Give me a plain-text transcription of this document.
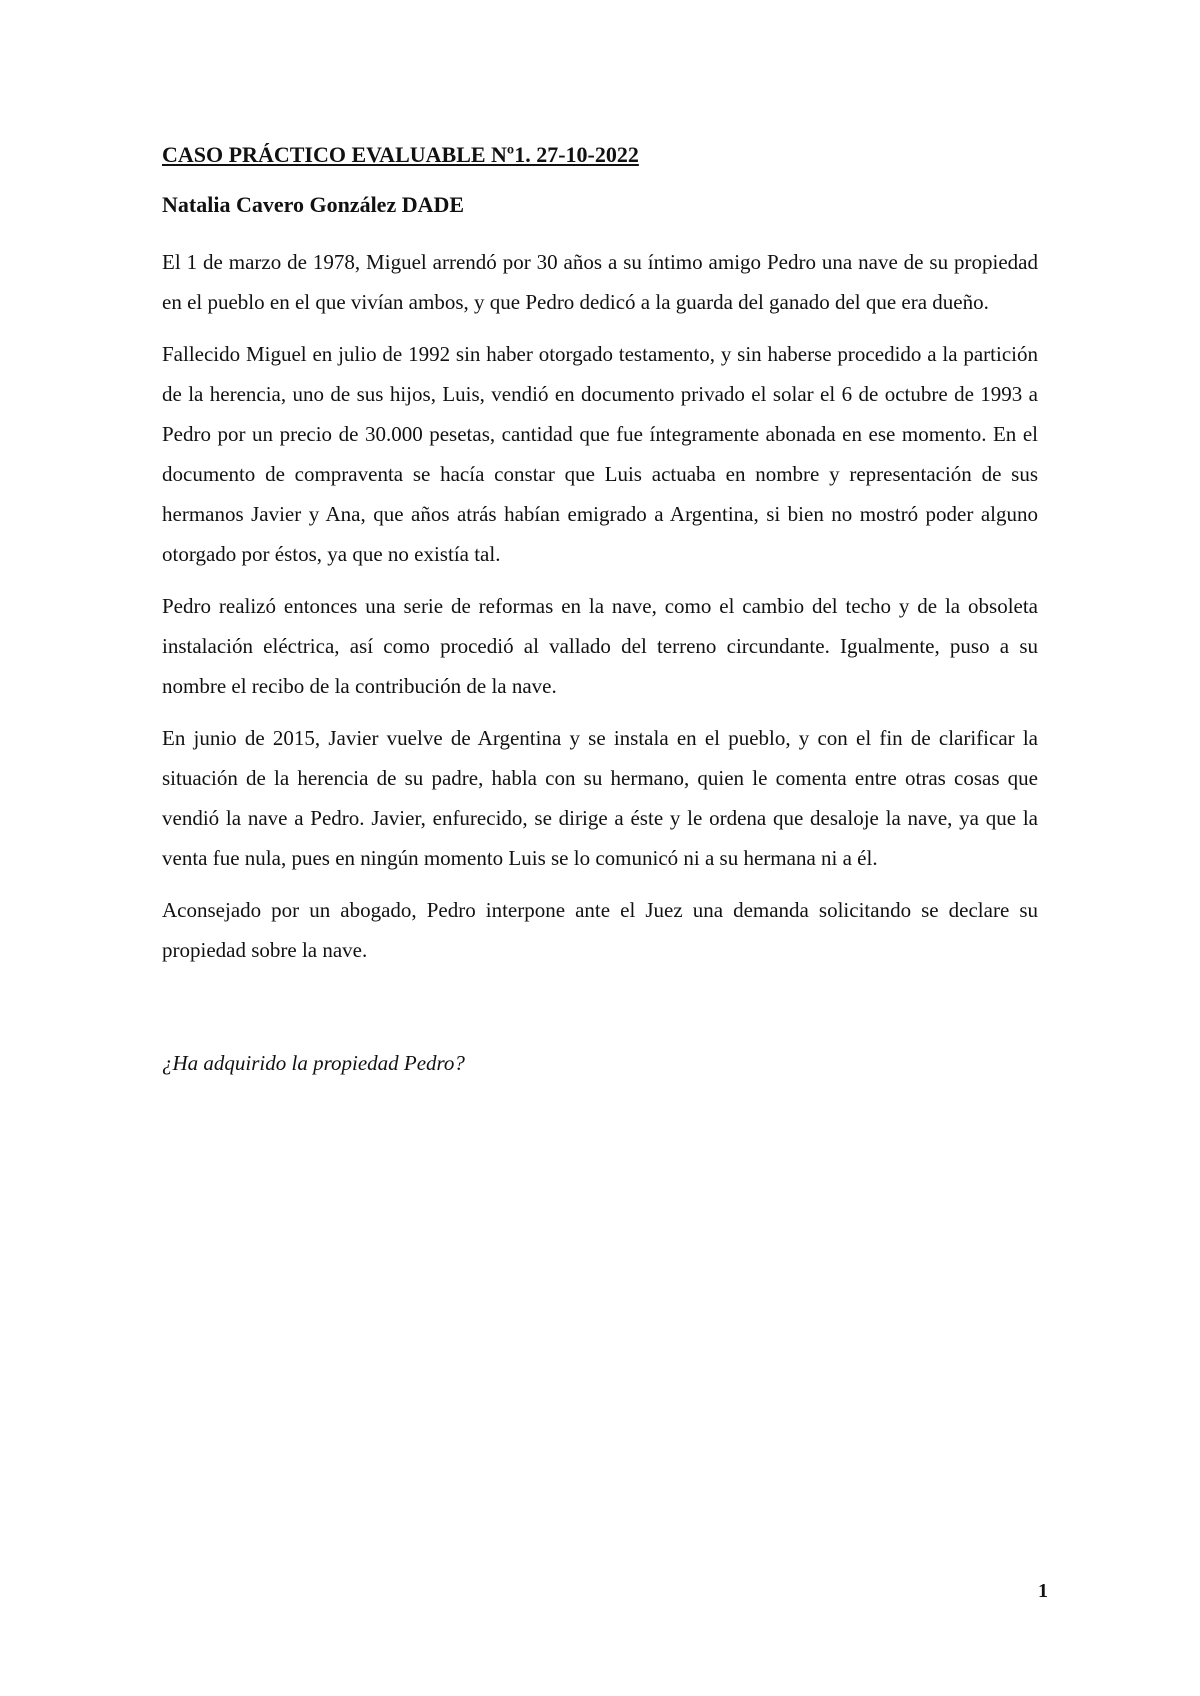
CASO PRÁCTICO EVALUABLE Nº1. 27-10-2022
Natalia Cavero González DADE

El 1 de marzo de 1978, Miguel arrendó por 30 años a su íntimo amigo Pedro una nave de su propiedad en el pueblo en el que vivían ambos, y que Pedro dedicó a la guarda del ganado del que era dueño.

Fallecido Miguel en julio de 1992 sin haber otorgado testamento, y sin haberse procedido a la partición de la herencia, uno de sus hijos, Luis, vendió en documento privado el solar el 6 de octubre de 1993 a Pedro por un precio de 30.000 pesetas, cantidad que fue íntegramente abonada en ese momento. En el documento de compraventa se hacía constar que Luis actuaba en nombre y representación de sus hermanos Javier y Ana, que años atrás habían emigrado a Argentina, si bien no mostró poder alguno otorgado por éstos, ya que no existía tal.

Pedro realizó entonces una serie de reformas en la nave, como el cambio del techo y de la obsoleta instalación eléctrica, así como procedió al vallado del terreno circundante. Igualmente, puso a su nombre el recibo de la contribución de la nave.

En junio de 2015, Javier vuelve de Argentina y se instala en el pueblo, y con el fin de clarificar la situación de la herencia de su padre, habla con su hermano, quien le comenta entre otras cosas que vendió la nave a Pedro. Javier, enfurecido, se dirige a éste y le ordena que desaloje la nave, ya que la venta fue nula, pues en ningún momento Luis se lo comunicó ni a su hermana ni a él.

Aconsejado por un abogado, Pedro interpone ante el Juez una demanda solicitando se declare su propiedad sobre la nave.

¿Ha adquirido la propiedad Pedro?
1
